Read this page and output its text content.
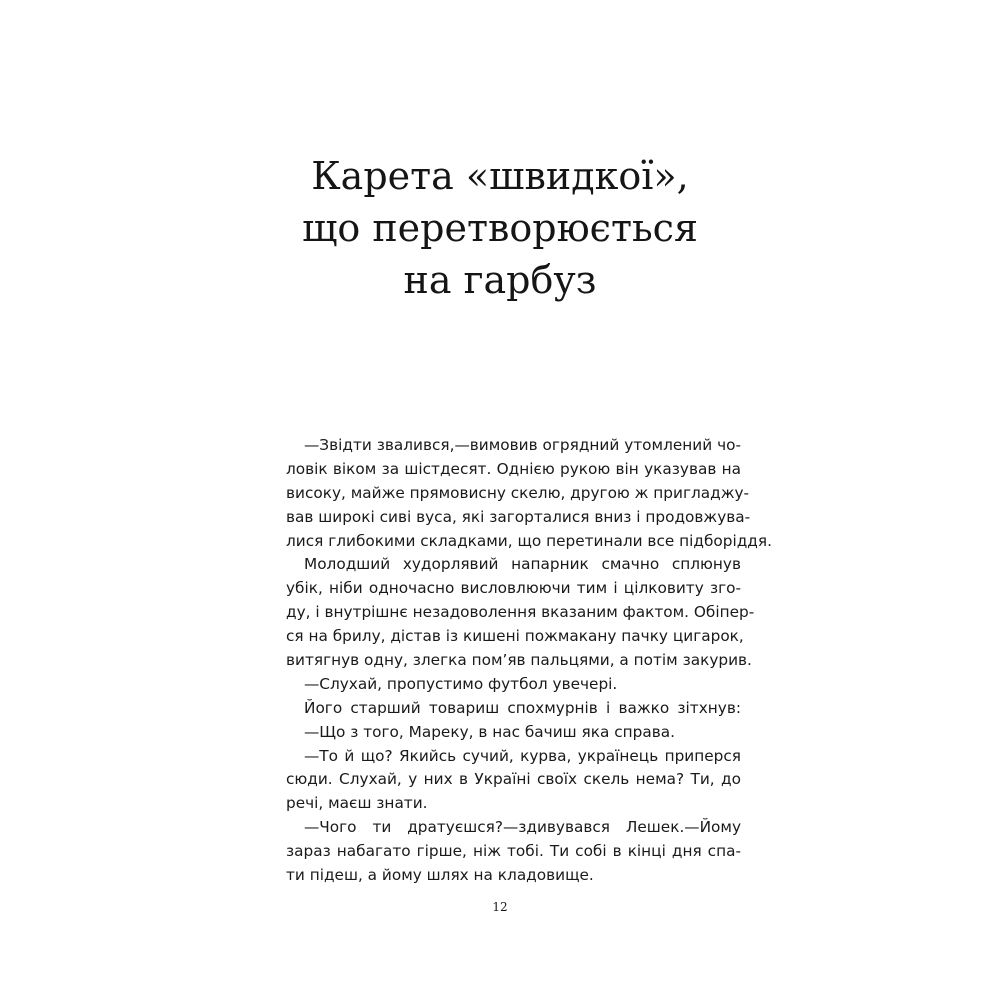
Карета «швидкої»,
що перетворюється
на гарбуз
—Звідти звалився,—вимовив огрядний утомлений чо-
ловік віком за шістдесят. Однією рукою він указував на
високу, майже прямовисну скелю, другою ж пригладжу-
вав широкі сиві вуса, які загорталися вниз і продовжува-
лися глибокими складками, що перетинали все підборіддя.
Молодший худорлявий напарник смачно сплюнув
убік, ніби одночасно висловлюючи тим і цілковиту зго-
ду, і внутрішнє незадоволення вказаним фактом. Обіпер-
ся на брилу, дістав із кишені пожмакану пачку цигарок,
витягнув одну, злегка пом’яв пальцями, а потім закурив.
—Слухай, пропустимо футбол увечері.
Його старший товариш спохмурнів і важко зітхнув:
—Що з того, Мареку, в нас бачиш яка справа.
—То й що? Якийсь сучий, курва, українець приперся
сюди. Слухай, у них в Україні своїх скель нема? Ти, до
речі, маєш знати.
—Чого ти дратуєшся?—здивувався Лешек.—Йому
зараз набагато гірше, ніж тобі. Ти собі в кінці дня спа-
ти підеш, а йому шлях на кладовище.
12
